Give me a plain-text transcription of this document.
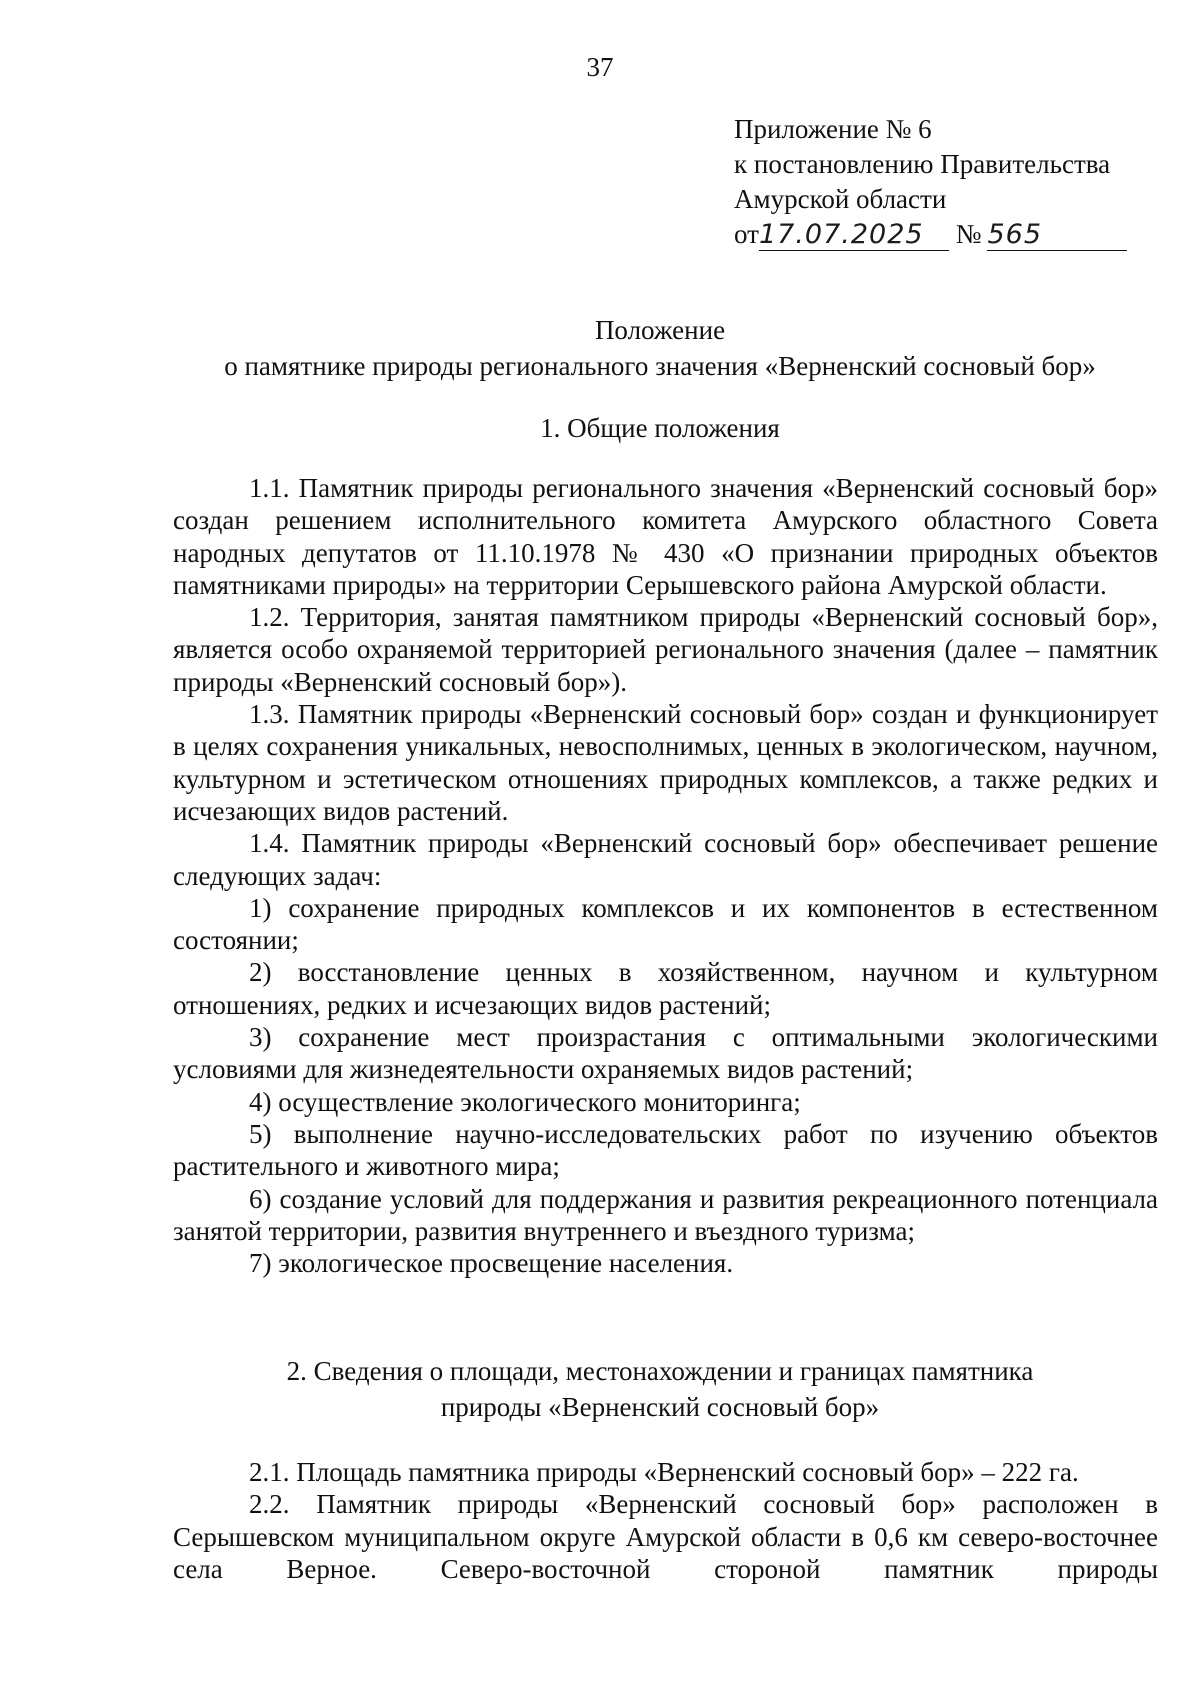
37
Приложение № 6
к постановлению Правительства
Амурской области
от17.07.2025 № 565
Положение
о памятнике природы регионального значения «Верненский сосновый бор»
1. Общие положения
1.1. Памятник природы регионального значения «Верненский сосновый бор» создан решением исполнительного комитета Амурского областного Совета народных депутатов от 11.10.1978 № 430 «О признании природных объектов памятниками природы» на территории Серышевского района Амурской области.
1.2. Территория, занятая памятником природы «Верненский сосновый бор», является особо охраняемой территорией регионального значения (далее – памятник природы «Верненский сосновый бор»).
1.3. Памятник природы «Верненский сосновый бор» создан и функционирует в целях сохранения уникальных, невосполнимых, ценных в экологическом, научном, культурном и эстетическом отношениях природных комплексов, а также редких и исчезающих видов растений.
1.4. Памятник природы «Верненский сосновый бор» обеспечивает решение следующих задач:
1) сохранение природных комплексов и их компонентов в естественном состоянии;
2) восстановление ценных в хозяйственном, научном и культурном отношениях, редких и исчезающих видов растений;
3) сохранение мест произрастания с оптимальными экологическими условиями для жизнедеятельности охраняемых видов растений;
4) осуществление экологического мониторинга;
5) выполнение научно-исследовательских работ по изучению объектов растительного и животного мира;
6) создание условий для поддержания и развития рекреационного потенциала занятой территории, развития внутреннего и въездного туризма;
7) экологическое просвещение населения.
2. Сведения о площади, местонахождении и границах памятника
природы «Верненский сосновый бор»
2.1. Площадь памятника природы «Верненский сосновый бор» – 222 га.
2.2. Памятник природы «Верненский сосновый бор» расположен в Серышевском муниципальном округе Амурской области в 0,6 км северо-восточнее села Верное. Северо-восточной стороной памятник природы
